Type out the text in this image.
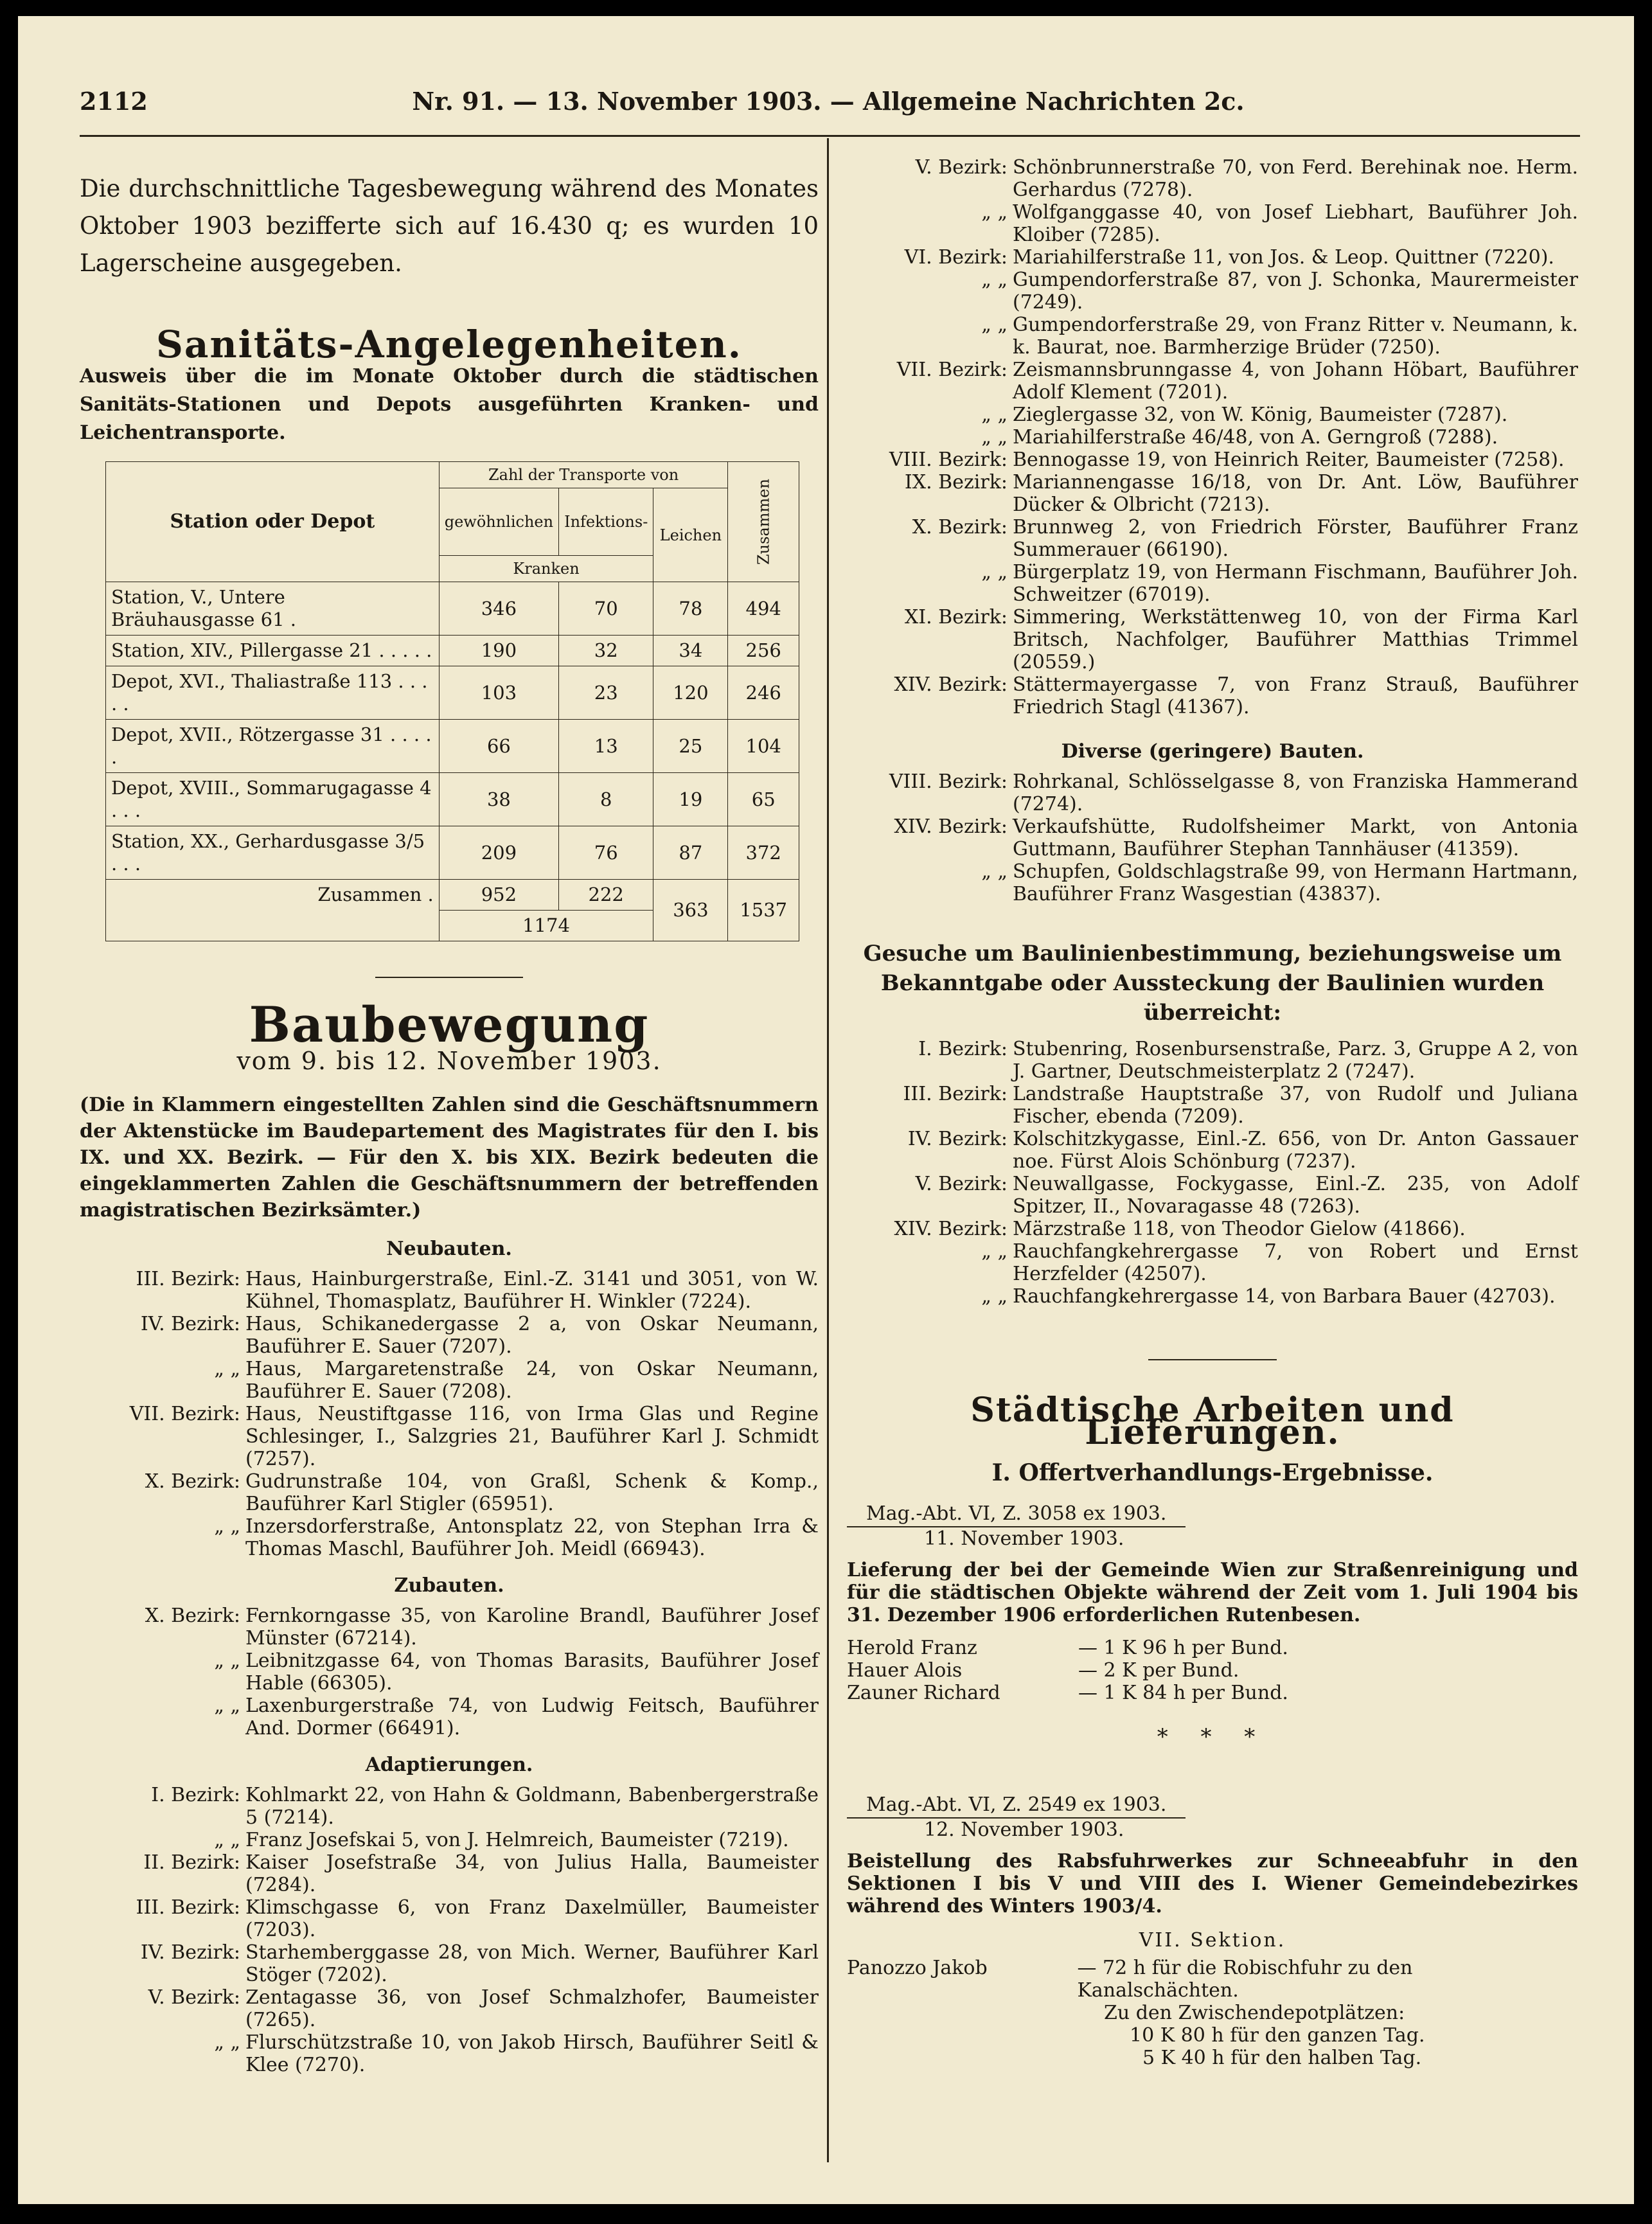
2112	Nr. 91. — 13. November 1903. — Allgemeine Nachrichten 2c.
Die durchschnittliche Tagesbewegung während des Monates Oktober 1903 bezifferte sich auf 16.430 q; es wurden 10 Lagerscheine ausgegeben.
Sanitäts-Angelegenheiten.
Ausweis über die im Monate Oktober durch die städtischen Sanitäts-Stationen und Depots ausgeführten Kranken- und Leichentransporte.
Station oder Depot	Zahl der Transporte von			Zusammen
	gewöhnlichen	Infektions-	Leichen	
	Kranken			
Station, V., Untere Bräuhausgasse 61 .	346	70	78	494
Station, XIV., Pillergasse 21 . . . . .	190	32	34	256
Depot, XVI., Thaliastraße 113 . . . . .	103	23	120	246
Depot, XVII., Rötzergasse 31 . . . . .	66	13	25	104
Depot, XVIII., Sommarugagasse 4 . . .	38	8	19	65
Station, XX., Gerhardusgasse 3/5 . . .	209	76	87	372
Zusammen .	952	222	363	1537
	1174			
Baubewegung
vom 9. bis 12. November 1903.
(Die in Klammern eingestellten Zahlen sind die Geschäftsnummern der Aktenstücke im Baudepartement des Magistrates für den I. bis IX. und XX. Bezirk. — Für den X. bis XIX. Bezirk bedeuten die eingeklammerten Zahlen die Geschäftsnummern der betreffenden magistratischen Bezirksämter.)
Neubauten.
III. Bezirk: Haus, Hainburgerstraße, Einl.-Z. 3141 und 3051, von W. Kühnel, Thomasplatz, Bauführer H. Winkler (7224).
IV. Bezirk: Haus, Schikanedergasse 2 a, von Oskar Neumann, Bauführer E. Sauer (7207).
„ „ Haus, Margaretenstraße 24, von Oskar Neumann, Bauführer E. Sauer (7208).
VII. Bezirk: Haus, Neustiftgasse 116, von Irma Glas und Regine Schlesinger, I., Salzgries 21, Bauführer Karl J. Schmidt (7257).
X. Bezirk: Gudrunstraße 104, von Graßl, Schenk & Komp., Bauführer Karl Stigler (65951).
„ „ Inzersdorferstraße, Antonsplatz 22, von Stephan Irra & Thomas Maschl, Bauführer Joh. Meidl (66943).
Zubauten.
X. Bezirk: Fernkorngasse 35, von Karoline Brandl, Bauführer Josef Münster (67214).
„ „ Leibnitzgasse 64, von Thomas Barasits, Bauführer Josef Hable (66305).
„ „ Laxenburgerstraße 74, von Ludwig Feitsch, Bauführer And. Dormer (66491).
Adaptierungen.
I. Bezirk: Kohlmarkt 22, von Hahn & Goldmann, Babenbergerstraße 5 (7214).
„ „ Franz Josefskai 5, von J. Helmreich, Baumeister (7219).
II. Bezirk: Kaiser Josefstraße 34, von Julius Halla, Baumeister (7284).
III. Bezirk: Klimschgasse 6, von Franz Daxelmüller, Baumeister (7203).
IV. Bezirk: Starhemberggasse 28, von Mich. Werner, Bauführer Karl Stöger (7202).
V. Bezirk: Zentagasse 36, von Josef Schmalzhofer, Baumeister (7265).
„ „ Flurschützstraße 10, von Jakob Hirsch, Bauführer Seitl & Klee (7270).
V. Bezirk: Schönbrunnerstraße 70, von Ferd. Berehinak noe. Herm. Gerhardus (7278).
„ „ Wolfganggasse 40, von Josef Liebhart, Bauführer Joh. Kloiber (7285).
VI. Bezirk: Mariahilferstraße 11, von Jos. & Leop. Quittner (7220).
„ „ Gumpendorferstraße 87, von J. Schonka, Maurermeister (7249).
„ „ Gumpendorferstraße 29, von Franz Ritter v. Neumann, k. k. Baurat, noe. Barmherzige Brüder (7250).
VII. Bezirk: Zeismannsbrunngasse 4, von Johann Höbart, Bauführer Adolf Klement (7201).
„ „ Zieglergasse 32, von W. König, Baumeister (7287).
„ „ Mariahilferstraße 46/48, von A. Gerngroß (7288).
VIII. Bezirk: Bennogasse 19, von Heinrich Reiter, Baumeister (7258).
IX. Bezirk: Mariannengasse 16/18, von Dr. Ant. Löw, Bauführer Dücker & Olbricht (7213).
X. Bezirk: Brunnweg 2, von Friedrich Förster, Bauführer Franz Summerauer (66190).
„ „ Bürgerplatz 19, von Hermann Fischmann, Bauführer Joh. Schweitzer (67019).
XI. Bezirk: Simmering, Werkstättenweg 10, von der Firma Karl Britsch, Nachfolger, Bauführer Matthias Trimmel (20559.)
XIV. Bezirk: Stättermayergasse 7, von Franz Strauß, Bauführer Friedrich Stagl (41367).
Diverse (geringere) Bauten.
VIII. Bezirk: Rohrkanal, Schlösselgasse 8, von Franziska Hammerand (7274).
XIV. Bezirk: Verkaufshütte, Rudolfsheimer Markt, von Antonia Guttmann, Bauführer Stephan Tannhäuser (41359).
„ „ Schupfen, Goldschlagstraße 99, von Hermann Hartmann, Bauführer Franz Wasgestian (43837).
Gesuche um Baulinienbestimmung, beziehungsweise um Bekanntgabe oder Aussteckung der Baulinien wurden überreicht:
I. Bezirk: Stubenring, Rosenbursenstraße, Parz. 3, Gruppe A 2, von J. Gartner, Deutschmeisterplatz 2 (7247).
III. Bezirk: Landstraße Hauptstraße 37, von Rudolf und Juliana Fischer, ebenda (7209).
IV. Bezirk: Kolschitzkygasse, Einl.-Z. 656, von Dr. Anton Gassauer noe. Fürst Alois Schönburg (7237).
V. Bezirk: Neuwallgasse, Fockygasse, Einl.-Z. 235, von Adolf Spitzer, II., Novaragasse 48 (7263).
XIV. Bezirk: Märzstraße 118, von Theodor Gielow (41866).
„ „ Rauchfangkehrergasse 7, von Robert und Ernst Herzfelder (42507).
„ „ Rauchfangkehrergasse 14, von Barbara Bauer (42703).
Städtische Arbeiten und Lieferungen.
I. Offertverhandlungs-Ergebnisse.
Mag.-Abt. VI, Z. 3058 ex 1903.
11. November 1903.
Lieferung der bei der Gemeinde Wien zur Straßenreinigung und für die städtischen Objekte während der Zeit vom 1. Juli 1904 bis 31. Dezember 1906 erforderlichen Rutenbesen.
Herold Franz	— 1 K 96 h per Bund.
Hauer Alois	— 2 K per Bund.
Zauner Richard	— 1 K 84 h per Bund.
* * *
Mag.-Abt. VI, Z. 2549 ex 1903.
12. November 1903.
Beistellung des Rabsfuhrwerkes zur Schneeabfuhr in den Sektionen I bis V und VIII des I. Wiener Gemeindebezirkes während des Winters 1903/4.
VII. Sektion.
Panozzo Jakob	— 72 h für die Robischfuhr zu den Kanalschächten.
Zu den Zwischendepotplätzen:
10 K 80 h für den ganzen Tag.
5 K 40 h für den halben Tag.
